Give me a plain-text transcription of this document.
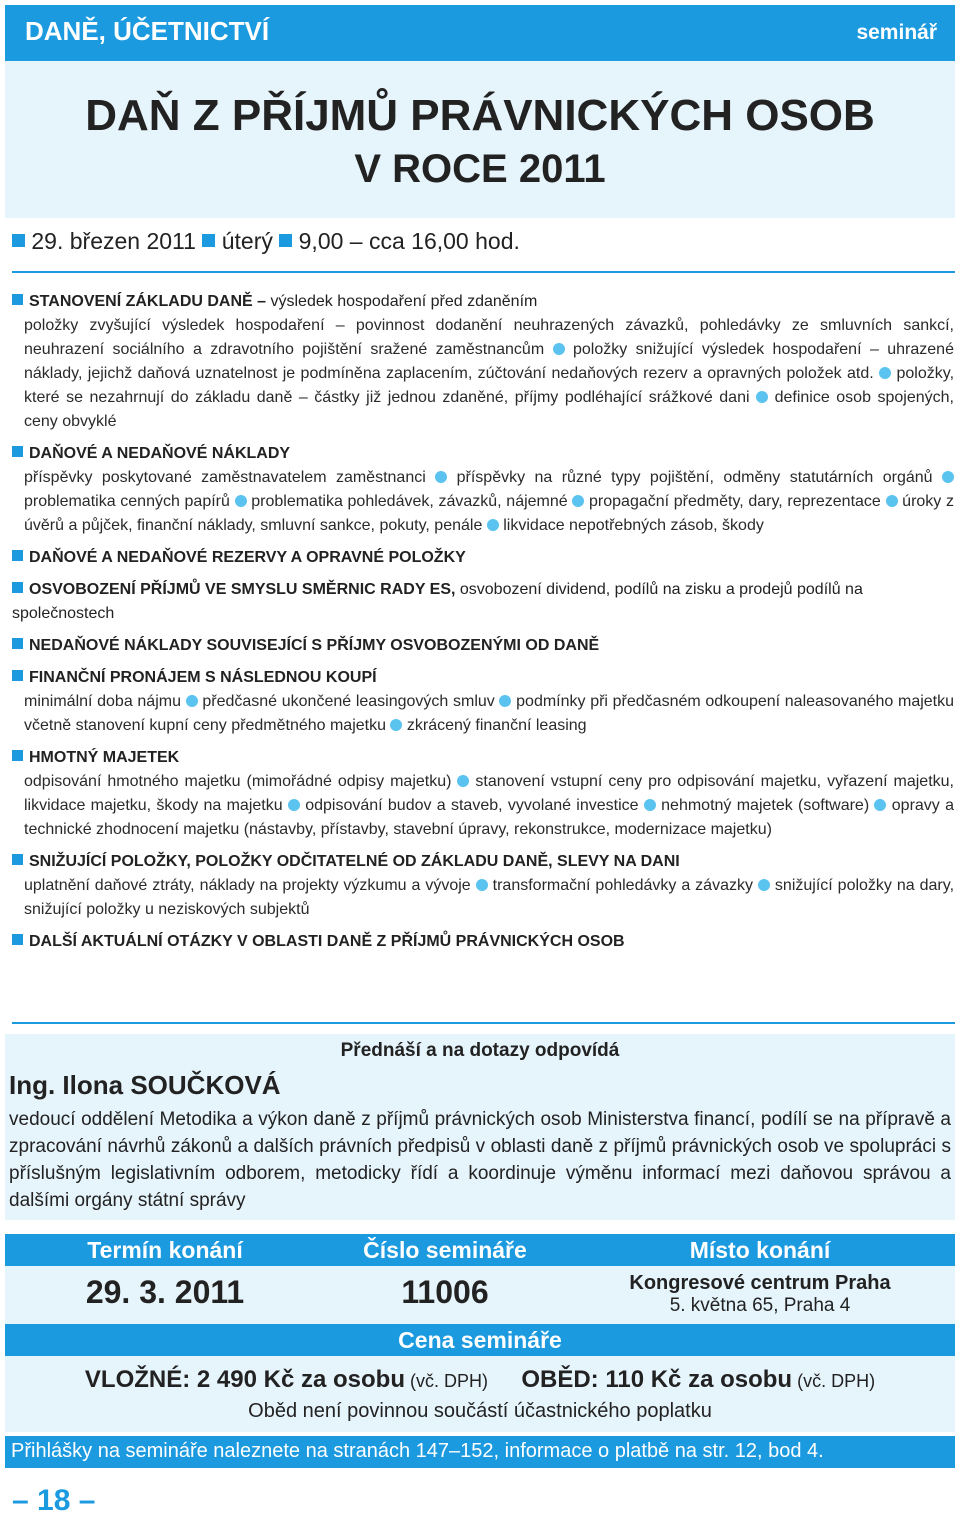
DANĚ, ÚČETNICTVÍ	seminář
DAŇ Z PŘÍJMŮ PRÁVNICKÝCH OSOB
V ROCE 2011
29. březen 2011 úterý 9,00 – cca 16,00 hod.
STANOVENÍ ZÁKLADU DANĚ – výsledek hospodaření před zdaněním
položky zvyšující výsledek hospodaření – povinnost dodanění neuhrazených závazků, pohledávky ze smluvních sankcí, neuhrazení sociálního a zdravotního pojištění sražené zaměstnancům položky snižující výsledek hospodaření – uhrazené náklady, jejichž daňová uznatelnost je podmíněna zaplacením, zúčtování nedaňových rezerv a opravných položek atd. položky, které se nezahrnují do základu daně – částky již jednou zdaněné, příjmy podléhající srážkové dani definice osob spojených, ceny obvyklé
DAŇOVÉ A NEDAŇOVÉ NÁKLADY
příspěvky poskytované zaměstnavatelem zaměstnanci příspěvky na různé typy pojištění, odměny statutárních orgánů  problematika cenných papírů problematika pohledávek, závazků, nájemné propagační předměty, dary, reprezentace úroky z úvěrů a půjček, finanční náklady, smluvní sankce, pokuty, penále likvidace nepotřebných zásob, škody
DAŇOVÉ A NEDAŇOVÉ REZERVY A OPRAVNÉ POLOŽKY
OSVOBOZENÍ PŘÍJMŮ VE SMYSLU SMĚRNIC RADY ES, osvobození dividend, podílů na zisku a prodejů podílů na společnostech
NEDAŇOVÉ NÁKLADY SOUVISEJÍCÍ S PŘÍJMY OSVOBOZENÝMI OD DANĚ
FINANČNÍ PRONÁJEM S NÁSLEDNOU KOUPÍ
minimální doba nájmu předčasné ukončené leasingových smluv podmínky při předčasném odkoupení naleasovaného majetku včetně stanovení kupní ceny předmětného majetku zkrácený finanční leasing
HMOTNÝ MAJETEK
odpisování hmotného majetku (mimořádné odpisy majetku) stanovení vstupní ceny pro odpisování majetku, vyřazení majetku, likvidace majetku, škody na majetku odpisování budov a staveb, vyvolané investice nehmotný majetek (software) opravy a technické zhodnocení majetku (nástavby, přístavby, stavební úpravy, rekonstrukce, modernizace majetku)
SNIŽUJÍCÍ POLOŽKY, POLOŽKY ODČITATELNÉ OD ZÁKLADU DANĚ, SLEVY NA DANI
uplatnění daňové ztráty, náklady na projekty výzkumu a vývoje transformační pohledávky a závazky snižující položky na dary, snižující položky u neziskových subjektů
DALŠÍ AKTUÁLNÍ OTÁZKY V OBLASTI DANĚ Z PŘÍJMŮ PRÁVNICKÝCH OSOB
Přednáší a na dotazy odpovídá
Ing. Ilona SOUČKOVÁ
vedoucí oddělení Metodika a výkon daně z příjmů právnických osob Ministerstva financí, podílí se na přípravě a zpracování návrhů zákonů a dalších právních předpisů v oblasti daně z příjmů právnických osob ve spolupráci s příslušným legislativním odborem, metodicky řídí a koordinuje výměnu informací mezi daňovou správou a dalšími orgány státní správy
Termín konání	Číslo semináře	Místo konání
29. 3. 2011	11006	Kongresové centrum Praha
5. května 65, Praha 4
Cena semináře
VLOŽNÉ: 2 490 Kč za osobu (vč. DPH) OBĚD: 110 Kč za osobu (vč. DPH)
Oběd není povinnou součástí účastnického poplatku
Přihlášky na semináře naleznete na stranách 147–152, informace o platbě na str. 12, bod 4.
– 18 –
